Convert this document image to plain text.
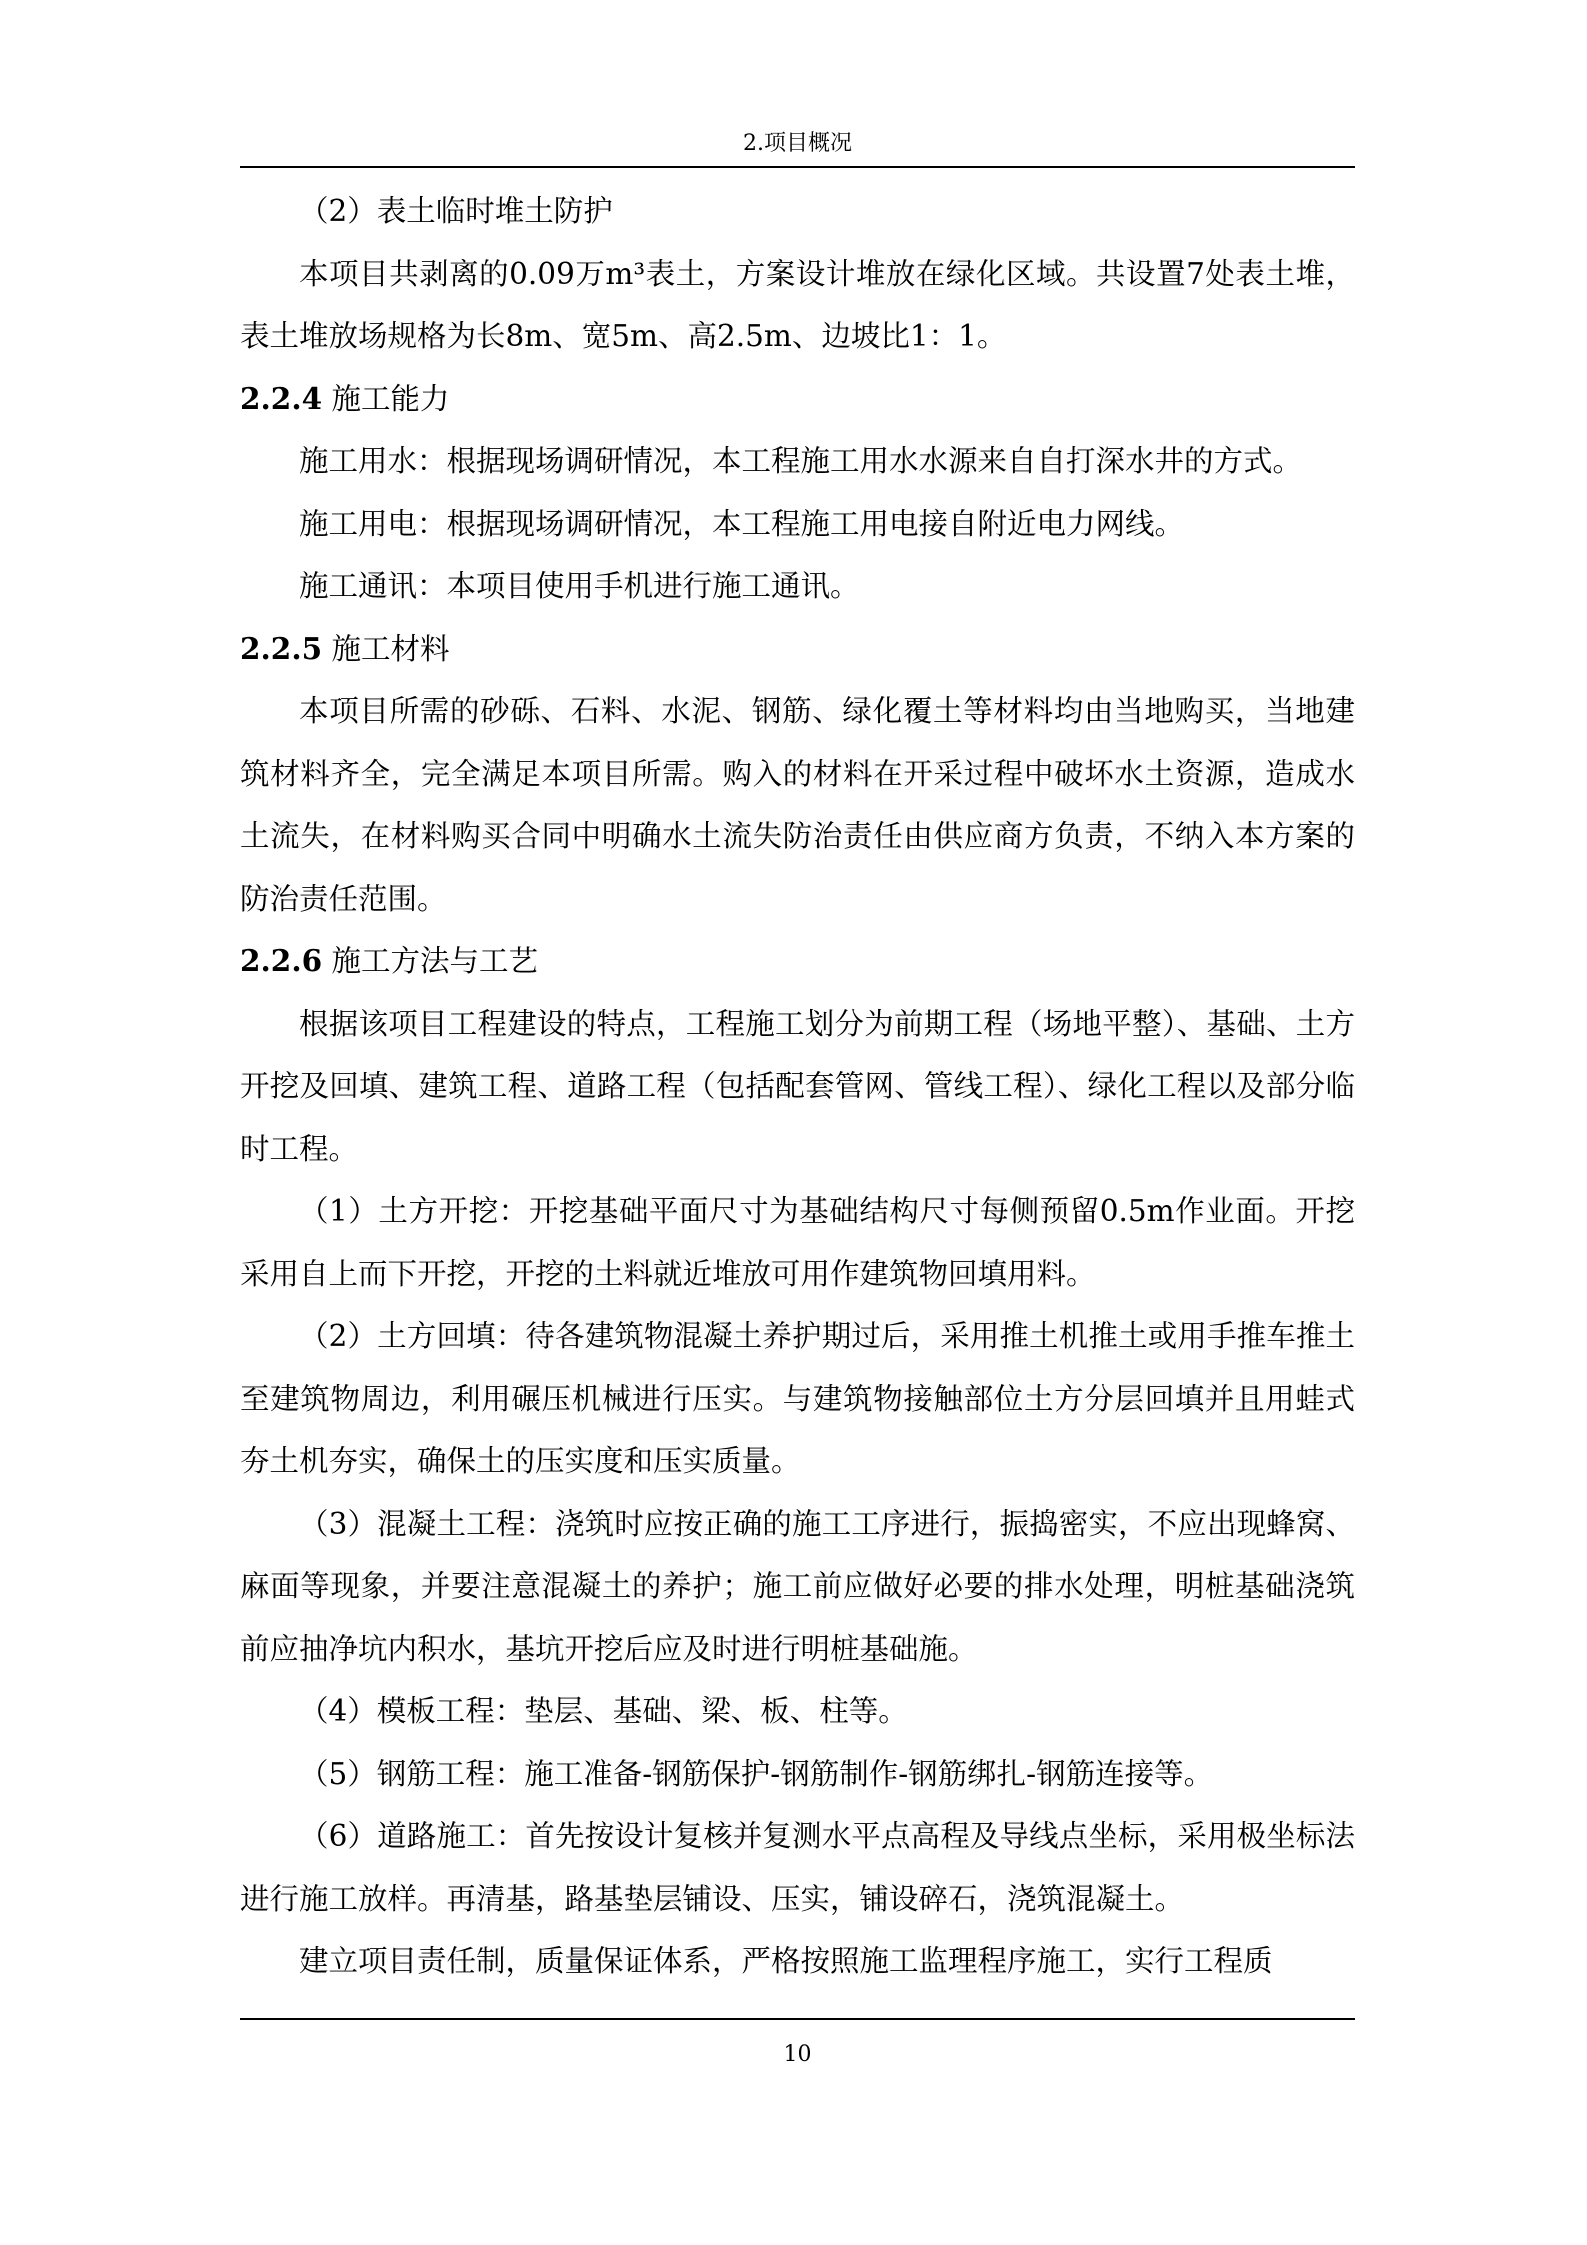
2.项目概况

（2）表土临时堆土防护

本项目共剥离的0.09万m³表土，方案设计堆放在绿化区域。共设置7处表土堆，表土堆放场规格为长8m、宽5m、高2.5m、边坡比1：1。

2.2.4 施工能力

施工用水：根据现场调研情况，本工程施工用水水源来自自打深水井的方式。

施工用电：根据现场调研情况，本工程施工用电接自附近电力网线。

施工通讯：本项目使用手机进行施工通讯。

2.2.5 施工材料

本项目所需的砂砾、石料、水泥、钢筋、绿化覆土等材料均由当地购买，当地建筑材料齐全，完全满足本项目所需。购入的材料在开采过程中破坏水土资源，造成水土流失，在材料购买合同中明确水土流失防治责任由供应商方负责，不纳入本方案的防治责任范围。

2.2.6 施工方法与工艺

根据该项目工程建设的特点，工程施工划分为前期工程（场地平整）、基础、土方开挖及回填、建筑工程、道路工程（包括配套管网、管线工程）、绿化工程以及部分临时工程。

（1）土方开挖：开挖基础平面尺寸为基础结构尺寸每侧预留0.5m作业面。开挖采用自上而下开挖，开挖的土料就近堆放可用作建筑物回填用料。

（2）土方回填：待各建筑物混凝土养护期过后，采用推土机推土或用手推车推土至建筑物周边，利用碾压机械进行压实。与建筑物接触部位土方分层回填并且用蛙式夯土机夯实，确保土的压实度和压实质量。

（3）混凝土工程：浇筑时应按正确的施工工序进行，振捣密实，不应出现蜂窝、麻面等现象，并要注意混凝土的养护；施工前应做好必要的排水处理，明桩基础浇筑前应抽净坑内积水，基坑开挖后应及时进行明桩基础施。

（4）模板工程：垫层、基础、梁、板、柱等。

（5）钢筋工程：施工准备-钢筋保护-钢筋制作-钢筋绑扎-钢筋连接等。

（6）道路施工：首先按设计复核并复测水平点高程及导线点坐标，采用极坐标法进行施工放样。再清基，路基垫层铺设、压实，铺设碎石，浇筑混凝土。

建立项目责任制，质量保证体系，严格按照施工监理程序施工，实行工程质

10
